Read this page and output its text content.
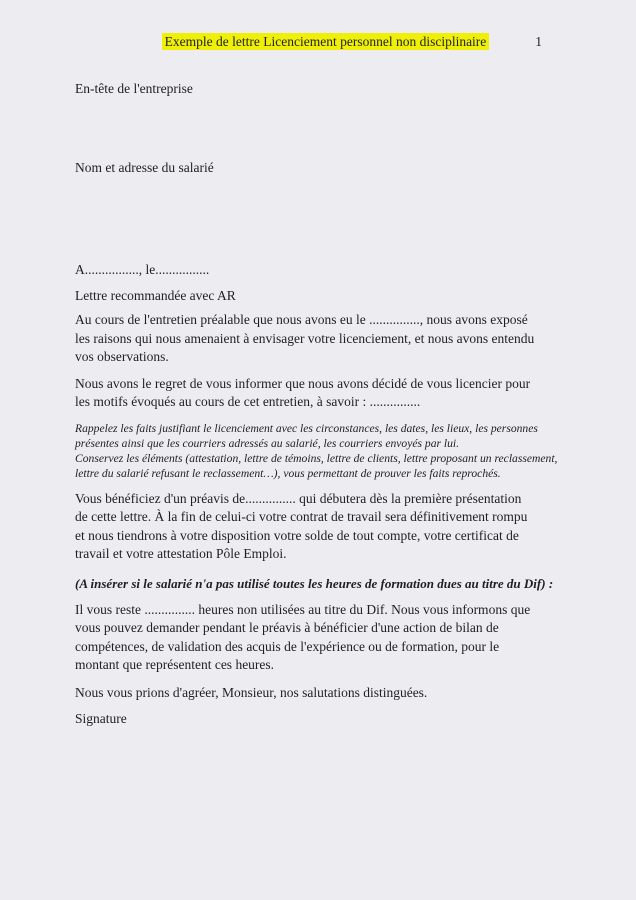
Exemple de lettre Licenciement personnel non disciplinaire	1

En-tête de l'entreprise

Nom et adresse du salarié

A................, le................

Lettre recommandée avec AR

Au cours de l'entretien préalable que nous avons eu le ..............., nous avons exposé les raisons qui nous amenaient à envisager votre licenciement, et nous avons entendu vos observations.

Nous avons le regret de vous informer que nous avons décidé de vous licencier pour les motifs évoqués au cours de cet entretien, à savoir : ...............

Rappelez les faits justifiant le licenciement avec les circonstances, les dates, les lieux, les personnes présentes ainsi que les courriers adressés au salarié, les courriers envoyés par lui.
Conservez les éléments (attestation, lettre de témoins, lettre de clients, lettre proposant un reclassement, lettre du salarié refusant le reclassement…), vous permettant de prouver les faits reprochés.

Vous bénéficiez d'un préavis de............... qui débutera dès la première présentation de cette lettre. À la fin de celui-ci votre contrat de travail sera définitivement rompu et nous tiendrons à votre disposition votre solde de tout compte, votre certificat de travail et votre attestation Pôle Emploi.

(A insérer si le salarié n'a pas utilisé toutes les heures de formation dues au titre du Dif) :

Il vous reste ............... heures non utilisées au titre du Dif. Nous vous informons que vous pouvez demander pendant le préavis à bénéficier d'une action de bilan de compétences, de validation des acquis de l'expérience ou de formation, pour le montant que représentent ces heures.

Nous vous prions d'agréer, Monsieur, nos salutations distinguées.

Signature
